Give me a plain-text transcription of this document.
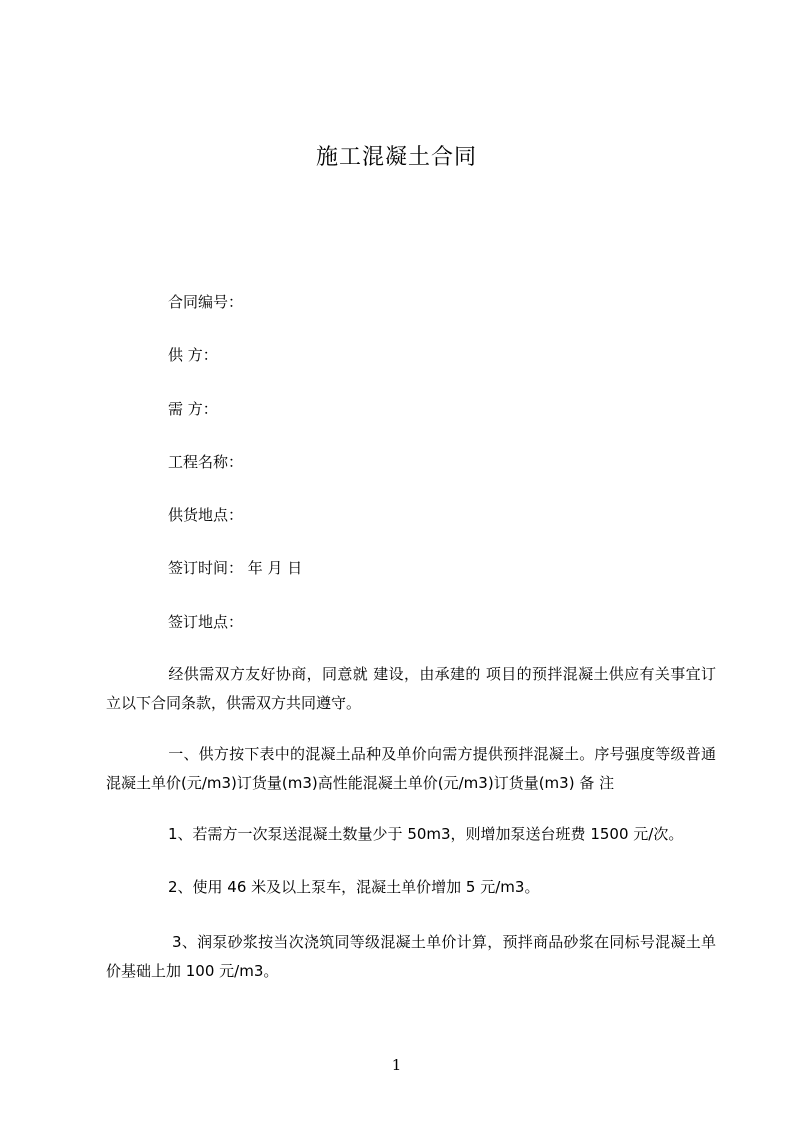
施工混凝土合同
合同编号：
供 方：
需 方：
工程名称：
供货地点：
签订时间： 年 月 日
签订地点：
经供需双方友好协商，同意就 建设，由承建的 项目的预拌混凝土供应有关事宜订立以下合同条款，供需双方共同遵守。
一、供方按下表中的混凝土品种及单价向需方提供预拌混凝土。序号强度等级普通混凝土单价(元/m3)订货量(m3)高性能混凝土单价(元/m3)订货量(m3) 备 注
1、若需方一次泵送混凝土数量少于 50m3，则增加泵送台班费 1500 元/次。
2、使用 46 米及以上泵车，混凝土单价增加 5 元/m3。
3、润泵砂浆按当次浇筑同等级混凝土单价计算，预拌商品砂浆在同标号混凝土单价基础上加 100 元/m3。
1
